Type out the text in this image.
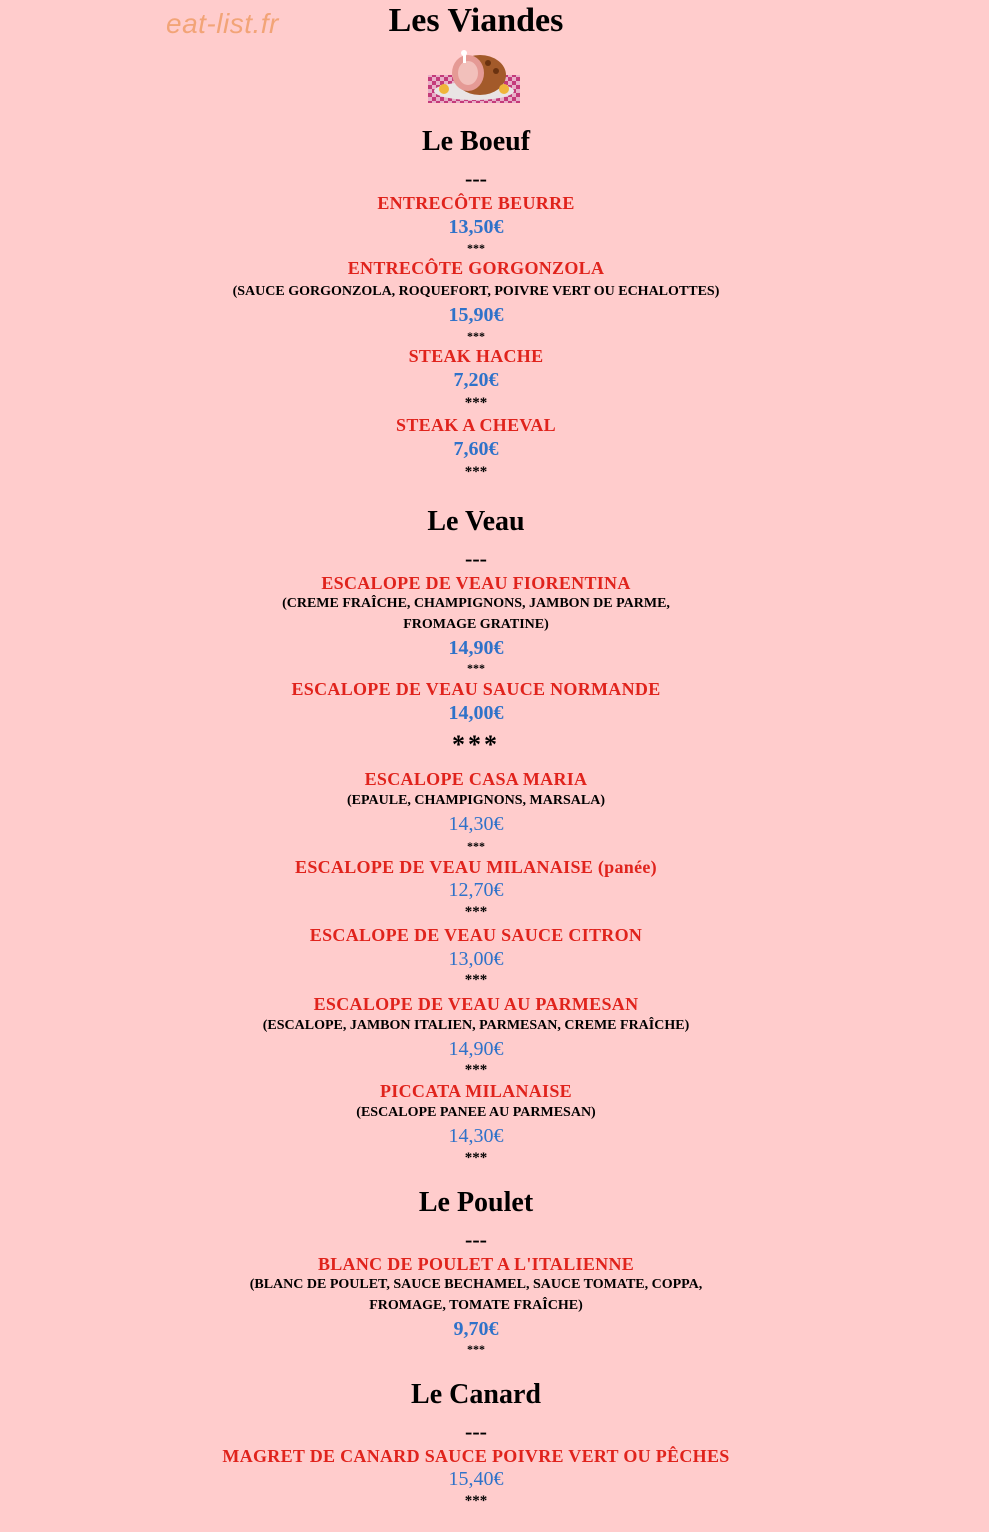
eat-list.fr	Les Viandes
Le Boeuf
---
ENTRECÔTE BEURRE
13,50€
***
ENTRECÔTE GORGONZOLA
(SAUCE GORGONZOLA, ROQUEFORT, POIVRE VERT OU ECHALOTTES)
15,90€
***
STEAK HACHE
7,20€
***
STEAK A CHEVAL
7,60€
***
Le Veau
---
ESCALOPE DE VEAU FIORENTINA
(CREME FRAÎCHE, CHAMPIGNONS, JAMBON DE PARME,
FROMAGE GRATINE)
14,90€
***
ESCALOPE DE VEAU SAUCE NORMANDE
14,00€
***
ESCALOPE CASA MARIA
(EPAULE, CHAMPIGNONS, MARSALA)
14,30€
***
ESCALOPE DE VEAU MILANAISE (panée)
12,70€
***
ESCALOPE DE VEAU SAUCE CITRON
13,00€
***
ESCALOPE DE VEAU AU PARMESAN
(ESCALOPE, JAMBON ITALIEN, PARMESAN, CREME FRAÎCHE)
14,90€
***
PICCATA MILANAISE
(ESCALOPE PANEE AU PARMESAN)
14,30€
***
Le Poulet
---
BLANC DE POULET A L'ITALIENNE
(BLANC DE POULET, SAUCE BECHAMEL, SAUCE TOMATE, COPPA,
FROMAGE, TOMATE FRAÎCHE)
9,70€
***
Le Canard
---
MAGRET DE CANARD SAUCE POIVRE VERT OU PÊCHES
15,40€
***
